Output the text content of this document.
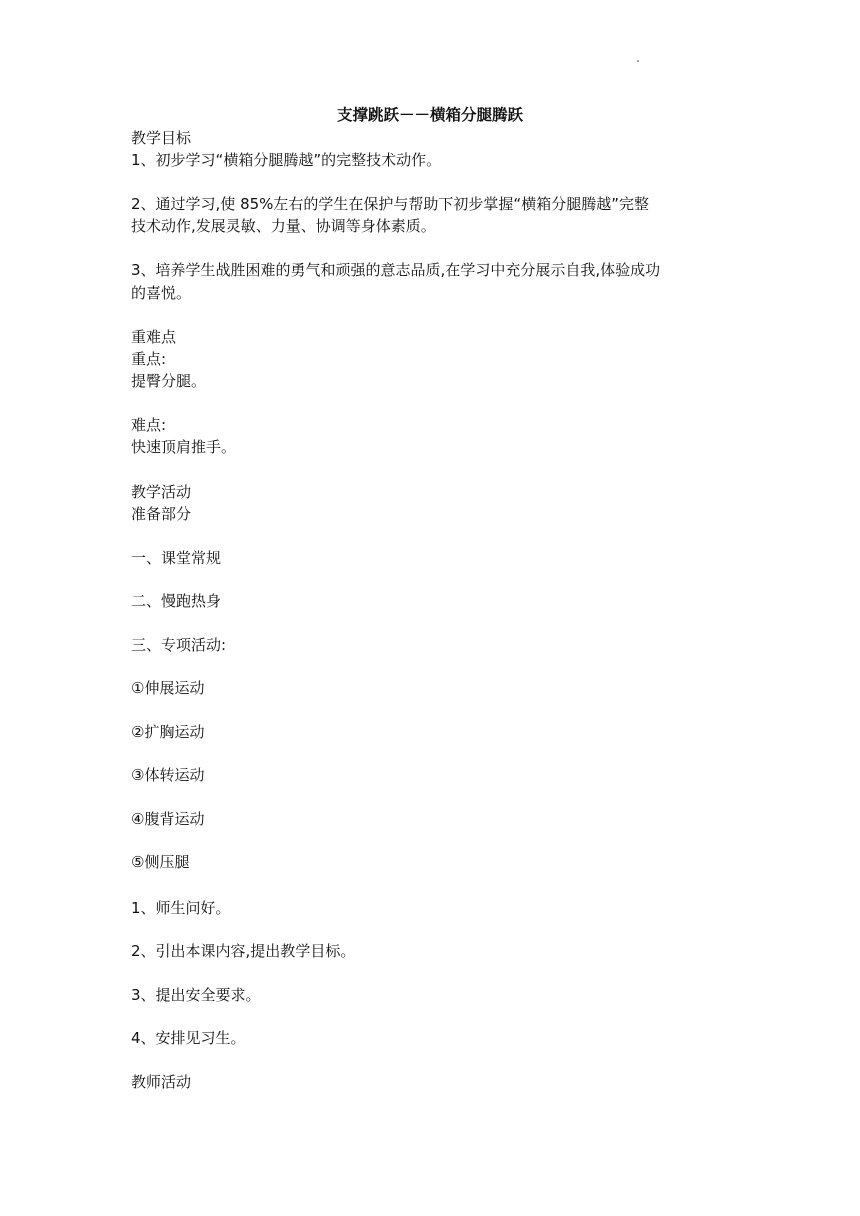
支撑跳跃－－横箱分腿腾跃
教学目标
1、初步学习“横箱分腿腾越”的完整技术动作。
2、通过学习,使 85%左右的学生在保护与帮助下初步掌握“横箱分腿腾越”完整
技术动作,发展灵敏、力量、协调等身体素质。
3、培养学生战胜困难的勇气和顽强的意志品质,在学习中充分展示自我,体验成功
的喜悦。
重难点
重点:
提臀分腿。
难点:
快速顶肩推手。
教学活动
准备部分
一、课堂常规
二、慢跑热身
三、专项活动:
①伸展运动
②扩胸运动
③体转运动
④腹背运动
⑤侧压腿
1、师生问好。
2、引出本课内容,提出教学目标。
3、提出安全要求。
4、安排见习生。
教师活动
